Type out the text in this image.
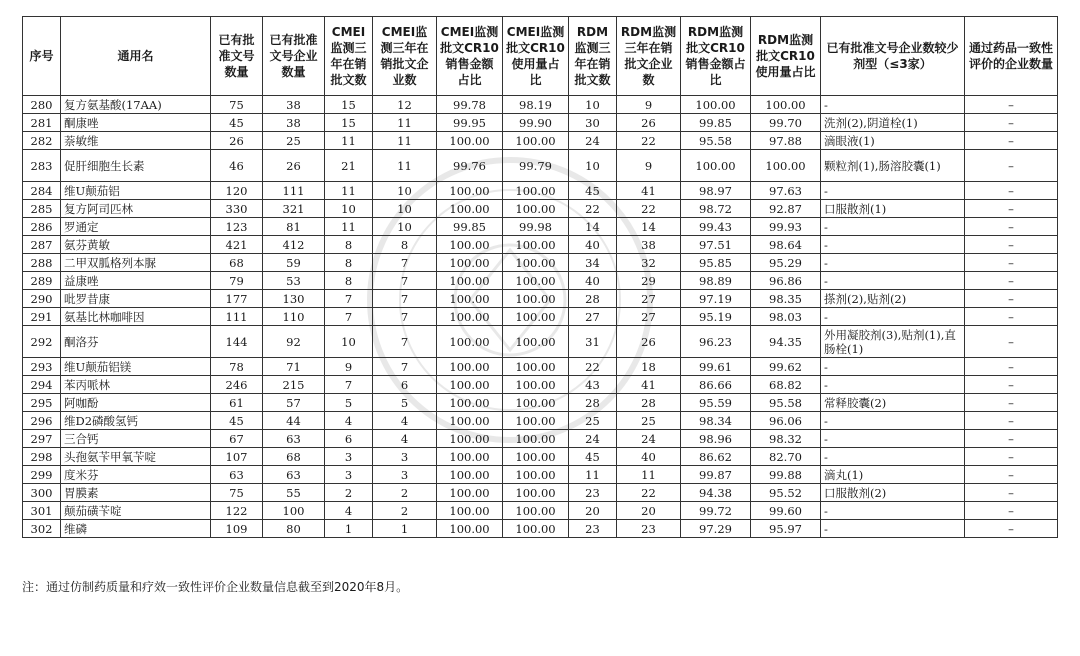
序号	通用名	已有批准文号数量	已有批准文号企业数量	CMEI监测三年在销批文数	CMEI监测三年在销批文企业数	CMEI监测批文CR10销售金额占比	CMEI监测批文CR10使用量占比	RDM监测三年在销批文数	RDM监测三年在销批文企业数	RDM监测批文CR10销售金额占比	RDM监测批文CR10使用量占比	已有批准文号企业数较少剂型（≤3家）	通过药品一致性评价的企业数量
280	复方氨基酸(17AA)	75	38	15	12	99.78	98.19	10	9	100.00	100.00	-	–
281	酮康唑	45	38	15	11	99.95	99.90	30	26	99.85	99.70	洗剂(2),阴道栓(1)	–
282	萘敏维	26	25	11	11	100.00	100.00	24	22	95.58	97.88	滴眼液(1)	–
283	促肝细胞生长素	46	26	21	11	99.76	99.79	10	9	100.00	100.00	颗粒剂(1),肠溶胶囊(1)	–
284	维U颠茄铝	120	111	11	10	100.00	100.00	45	41	98.97	97.63	-	–
285	复方阿司匹林	330	321	10	10	100.00	100.00	22	22	98.72	92.87	口服散剂(1)	–
286	罗通定	123	81	11	10	99.85	99.98	14	14	99.43	99.93	-	–
287	氨芬黄敏	421	412	8	8	100.00	100.00	40	38	97.51	98.64	-	–
288	二甲双胍格列本脲	68	59	8	7	100.00	100.00	34	32	95.85	95.29	-	–
289	益康唑	79	53	8	7	100.00	100.00	40	29	98.89	96.86	-	–
290	吡罗昔康	177	130	7	7	100.00	100.00	28	27	97.19	98.35	搽剂(2),贴剂(2)	–
291	氨基比林咖啡因	111	110	7	7	100.00	100.00	27	27	95.19	98.03	-	–
292	酮洛芬	144	92	10	7	100.00	100.00	31	26	96.23	94.35	外用凝胶剂(3),贴剂(1),直肠栓(1)	–
293	维U颠茄铝镁	78	71	9	7	100.00	100.00	22	18	99.61	99.62	-	–
294	苯丙哌林	246	215	7	6	100.00	100.00	43	41	86.66	68.82	-	–
295	阿咖酚	61	57	5	5	100.00	100.00	28	28	95.59	95.58	常释胶囊(2)	–
296	维D2磷酸氢钙	45	44	4	4	100.00	100.00	25	25	98.34	96.06	-	–
297	三合钙	67	63	6	4	100.00	100.00	24	24	98.96	98.32	-	–
298	头孢氨苄甲氧苄啶	107	68	3	3	100.00	100.00	45	40	86.62	82.70	-	–
299	度米芬	63	63	3	3	100.00	100.00	11	11	99.87	99.88	滴丸(1)	–
300	胃膜素	75	55	2	2	100.00	100.00	23	22	94.38	95.52	口服散剂(2)	–
301	颠茄磺苄啶	122	100	4	2	100.00	100.00	20	20	99.72	99.60	-	–
302	维磷	109	80	1	1	100.00	100.00	23	23	97.29	95.97	-	–
注：通过仿制药质量和疗效一致性评价企业数量信息截至到2020年8月。
